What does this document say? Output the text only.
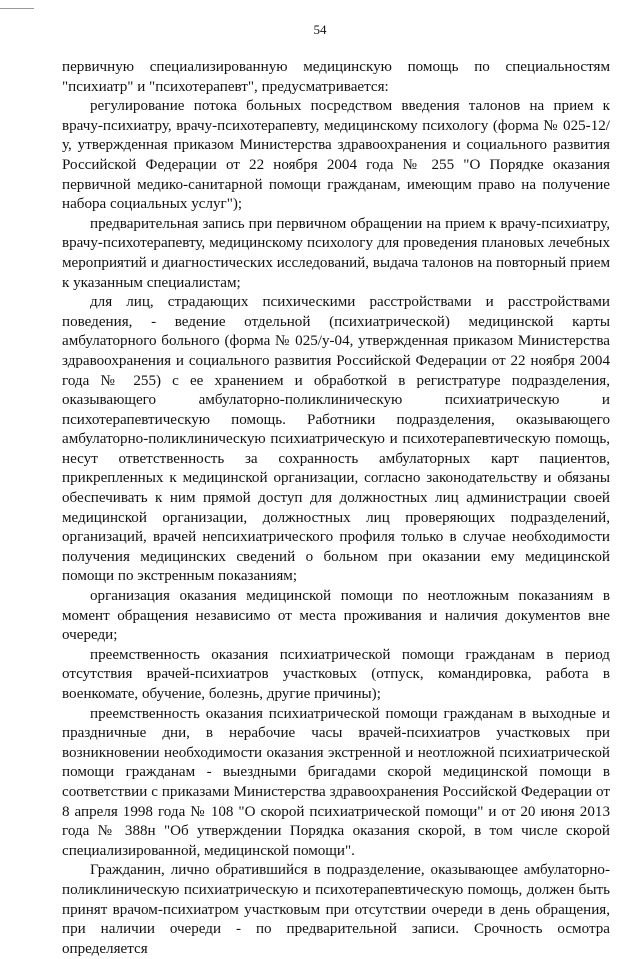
54

первичную специализированную медицинскую помощь по специальностям "психиатр" и "психотерапевт", предусматривается:

регулирование потока больных посредством введения талонов на прием к врачу-психиатру, врачу-психотерапевту, медицинскому психологу (форма № 025-12/у, утвержденная приказом Министерства здравоохранения и социального развития Российской Федерации от 22 ноября 2004 года № 255 "О Порядке оказания первичной медико-санитарной помощи гражданам, имеющим право на получение набора социальных услуг");

предварительная запись при первичном обращении на прием к врачу-психиатру, врачу-психотерапевту, медицинскому психологу для проведения плановых лечебных мероприятий и диагностических исследований, выдача талонов на повторный прием к указанным специалистам;

для лиц, страдающих психическими расстройствами и расстройствами поведения, - ведение отдельной (психиатрической) медицинской карты амбулаторного больного (форма № 025/у-04, утвержденная приказом Министерства здравоохранения и социального развития Российской Федерации от 22 ноября 2004 года № 255) с ее хранением и обработкой в регистратуре подразделения, оказывающего амбулаторно-поликлиническую психиатрическую и психотерапевтическую помощь. Работники подразделения, оказывающего амбулаторно-поликлиническую психиатрическую и психотерапевтическую помощь, несут ответственность за сохранность амбулаторных карт пациентов, прикрепленных к медицинской организации, согласно законодательству и обязаны обеспечивать к ним прямой доступ для должностных лиц администрации своей медицинской организации, должностных лиц проверяющих подразделений, организаций, врачей непсихиатрического профиля только в случае необходимости получения медицинских сведений о больном при оказании ему медицинской помощи по экстренным показаниям;

организация оказания медицинской помощи по неотложным показаниям в момент обращения независимо от места проживания и наличия документов вне очереди;

преемственность оказания психиатрической помощи гражданам в период отсутствия врачей-психиатров участковых (отпуск, командировка, работа в военкомате, обучение, болезнь, другие причины);

преемственность оказания психиатрической помощи гражданам в выходные и праздничные дни, в нерабочие часы врачей-психиатров участковых при возникновении необходимости оказания экстренной и неотложной психиатрической помощи гражданам - выездными бригадами скорой медицинской помощи в соответствии с приказами Министерства здравоохранения Российской Федерации от 8 апреля 1998 года № 108 "О скорой психиатрической помощи" и от 20 июня 2013 года № 388н "Об утверждении Порядка оказания скорой, в том числе скорой специализированной, медицинской помощи".

Гражданин, лично обратившийся в подразделение, оказывающее амбулаторно-поликлиническую психиатрическую и психотерапевтическую помощь, должен быть принят врачом-психиатром участковым при отсутствии очереди в день обращения, при наличии очереди - по предварительной записи. Срочность осмотра определяется
